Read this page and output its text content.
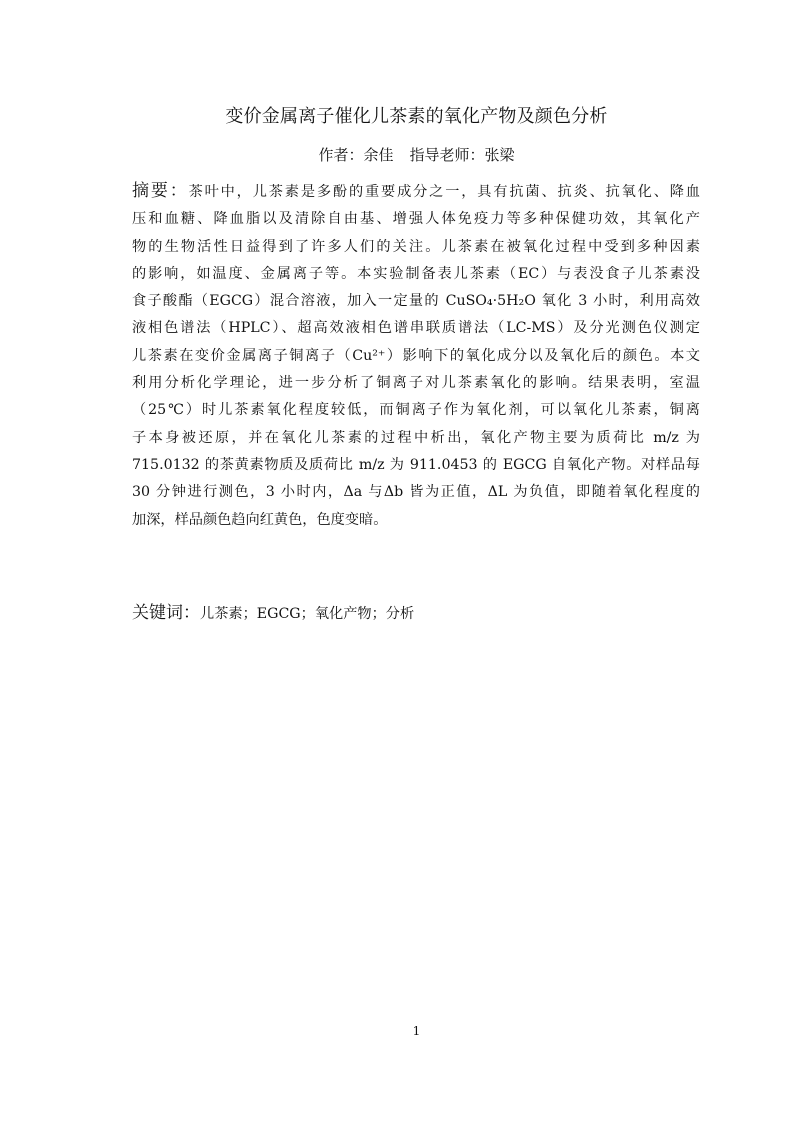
变价金属离子催化儿茶素的氧化产物及颜色分析
作者：余佳 指导老师：张梁
摘要：茶叶中，儿茶素是多酚的重要成分之一，具有抗菌、抗炎、抗氧化、降血
压和血糖、降血脂以及清除自由基、增强人体免疫力等多种保健功效，其氧化产
物的生物活性日益得到了许多人们的关注。儿茶素在被氧化过程中受到多种因素
的影响，如温度、金属离子等。本实验制备表儿茶素（EC）与表没食子儿茶素没
食子酸酯（EGCG）混合溶液，加入一定量的 CuSO₄·5H₂O 氧化 3 小时，利用高效
液相色谱法（HPLC）、超高效液相色谱串联质谱法（LC-MS）及分光测色仪测定
儿茶素在变价金属离子铜离子（Cu²⁺）影响下的氧化成分以及氧化后的颜色。本文
利用分析化学理论，进一步分析了铜离子对儿茶素氧化的影响。结果表明，室温
（25℃）时儿茶素氧化程度较低，而铜离子作为氧化剂，可以氧化儿茶素，铜离
子本身被还原，并在氧化儿茶素的过程中析出，氧化产物主要为质荷比 m/z 为
715.0132 的茶黄素物质及质荷比 m/z 为 911.0453 的 EGCG 自氧化产物。对样品每
30 分钟进行测色，3 小时内，Δa 与Δb 皆为正值，ΔL 为负值，即随着氧化程度的
加深，样品颜色趋向红黄色，色度变暗。
关键词：儿茶素；EGCG；氧化产物；分析
1
